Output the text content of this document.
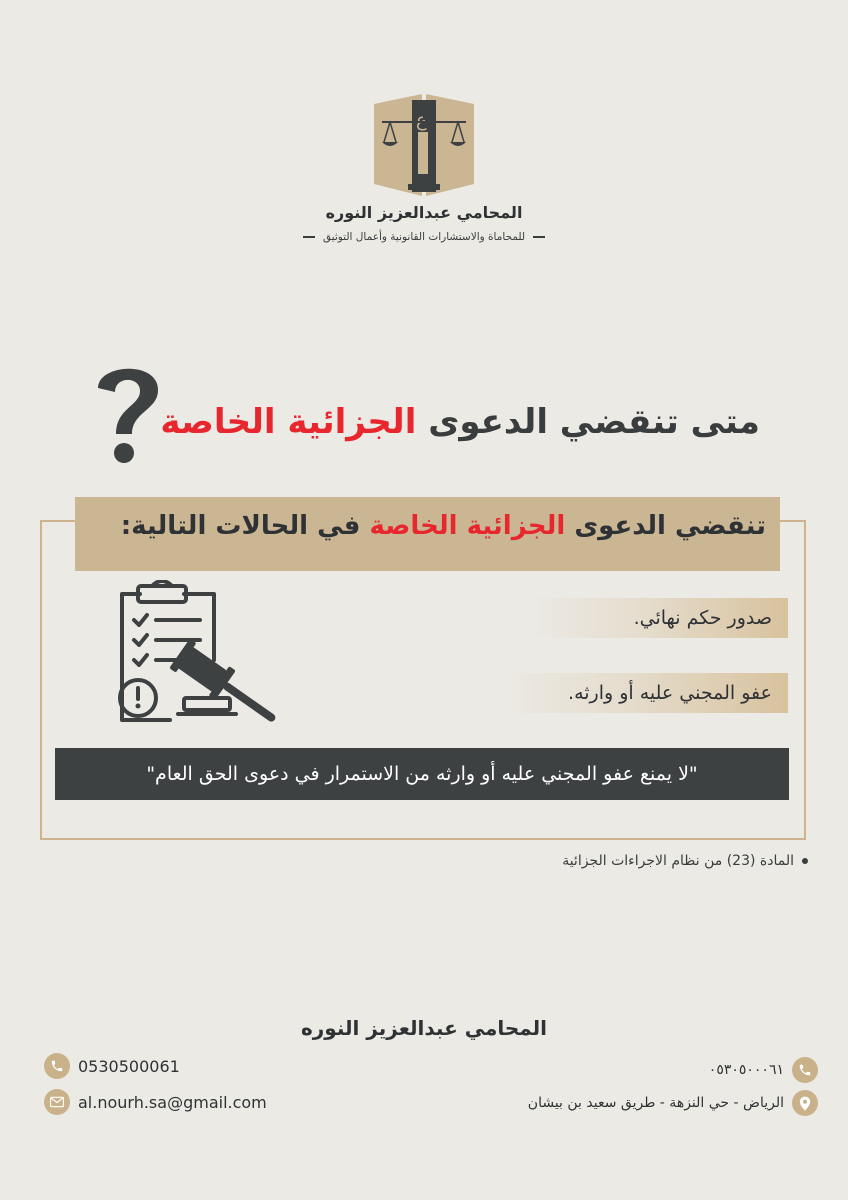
ع
المحامي عبدالعزيز النوره
للمحاماة والاستشارات القانونية وأعمال التوثيق
متى تنقضي الدعوى الجزائية الخاصة
تنقضي الدعوى الجزائية الخاصة في الحالات التالية:
صدور حكم نهائي.
عفو المجني عليه أو وارثه.
"لا يمنع عفو المجني عليه أو وارثه من الاستمرار في دعوى الحق العام"
المادة (23) من نظام الاجراءات الجزائية
المحامي عبدالعزيز النوره
0530500061
al.nourh.sa@gmail.com
٠٥٣٠٥٠٠٠٦١
الرياض - حي النزهة - طريق سعيد بن بيشان
